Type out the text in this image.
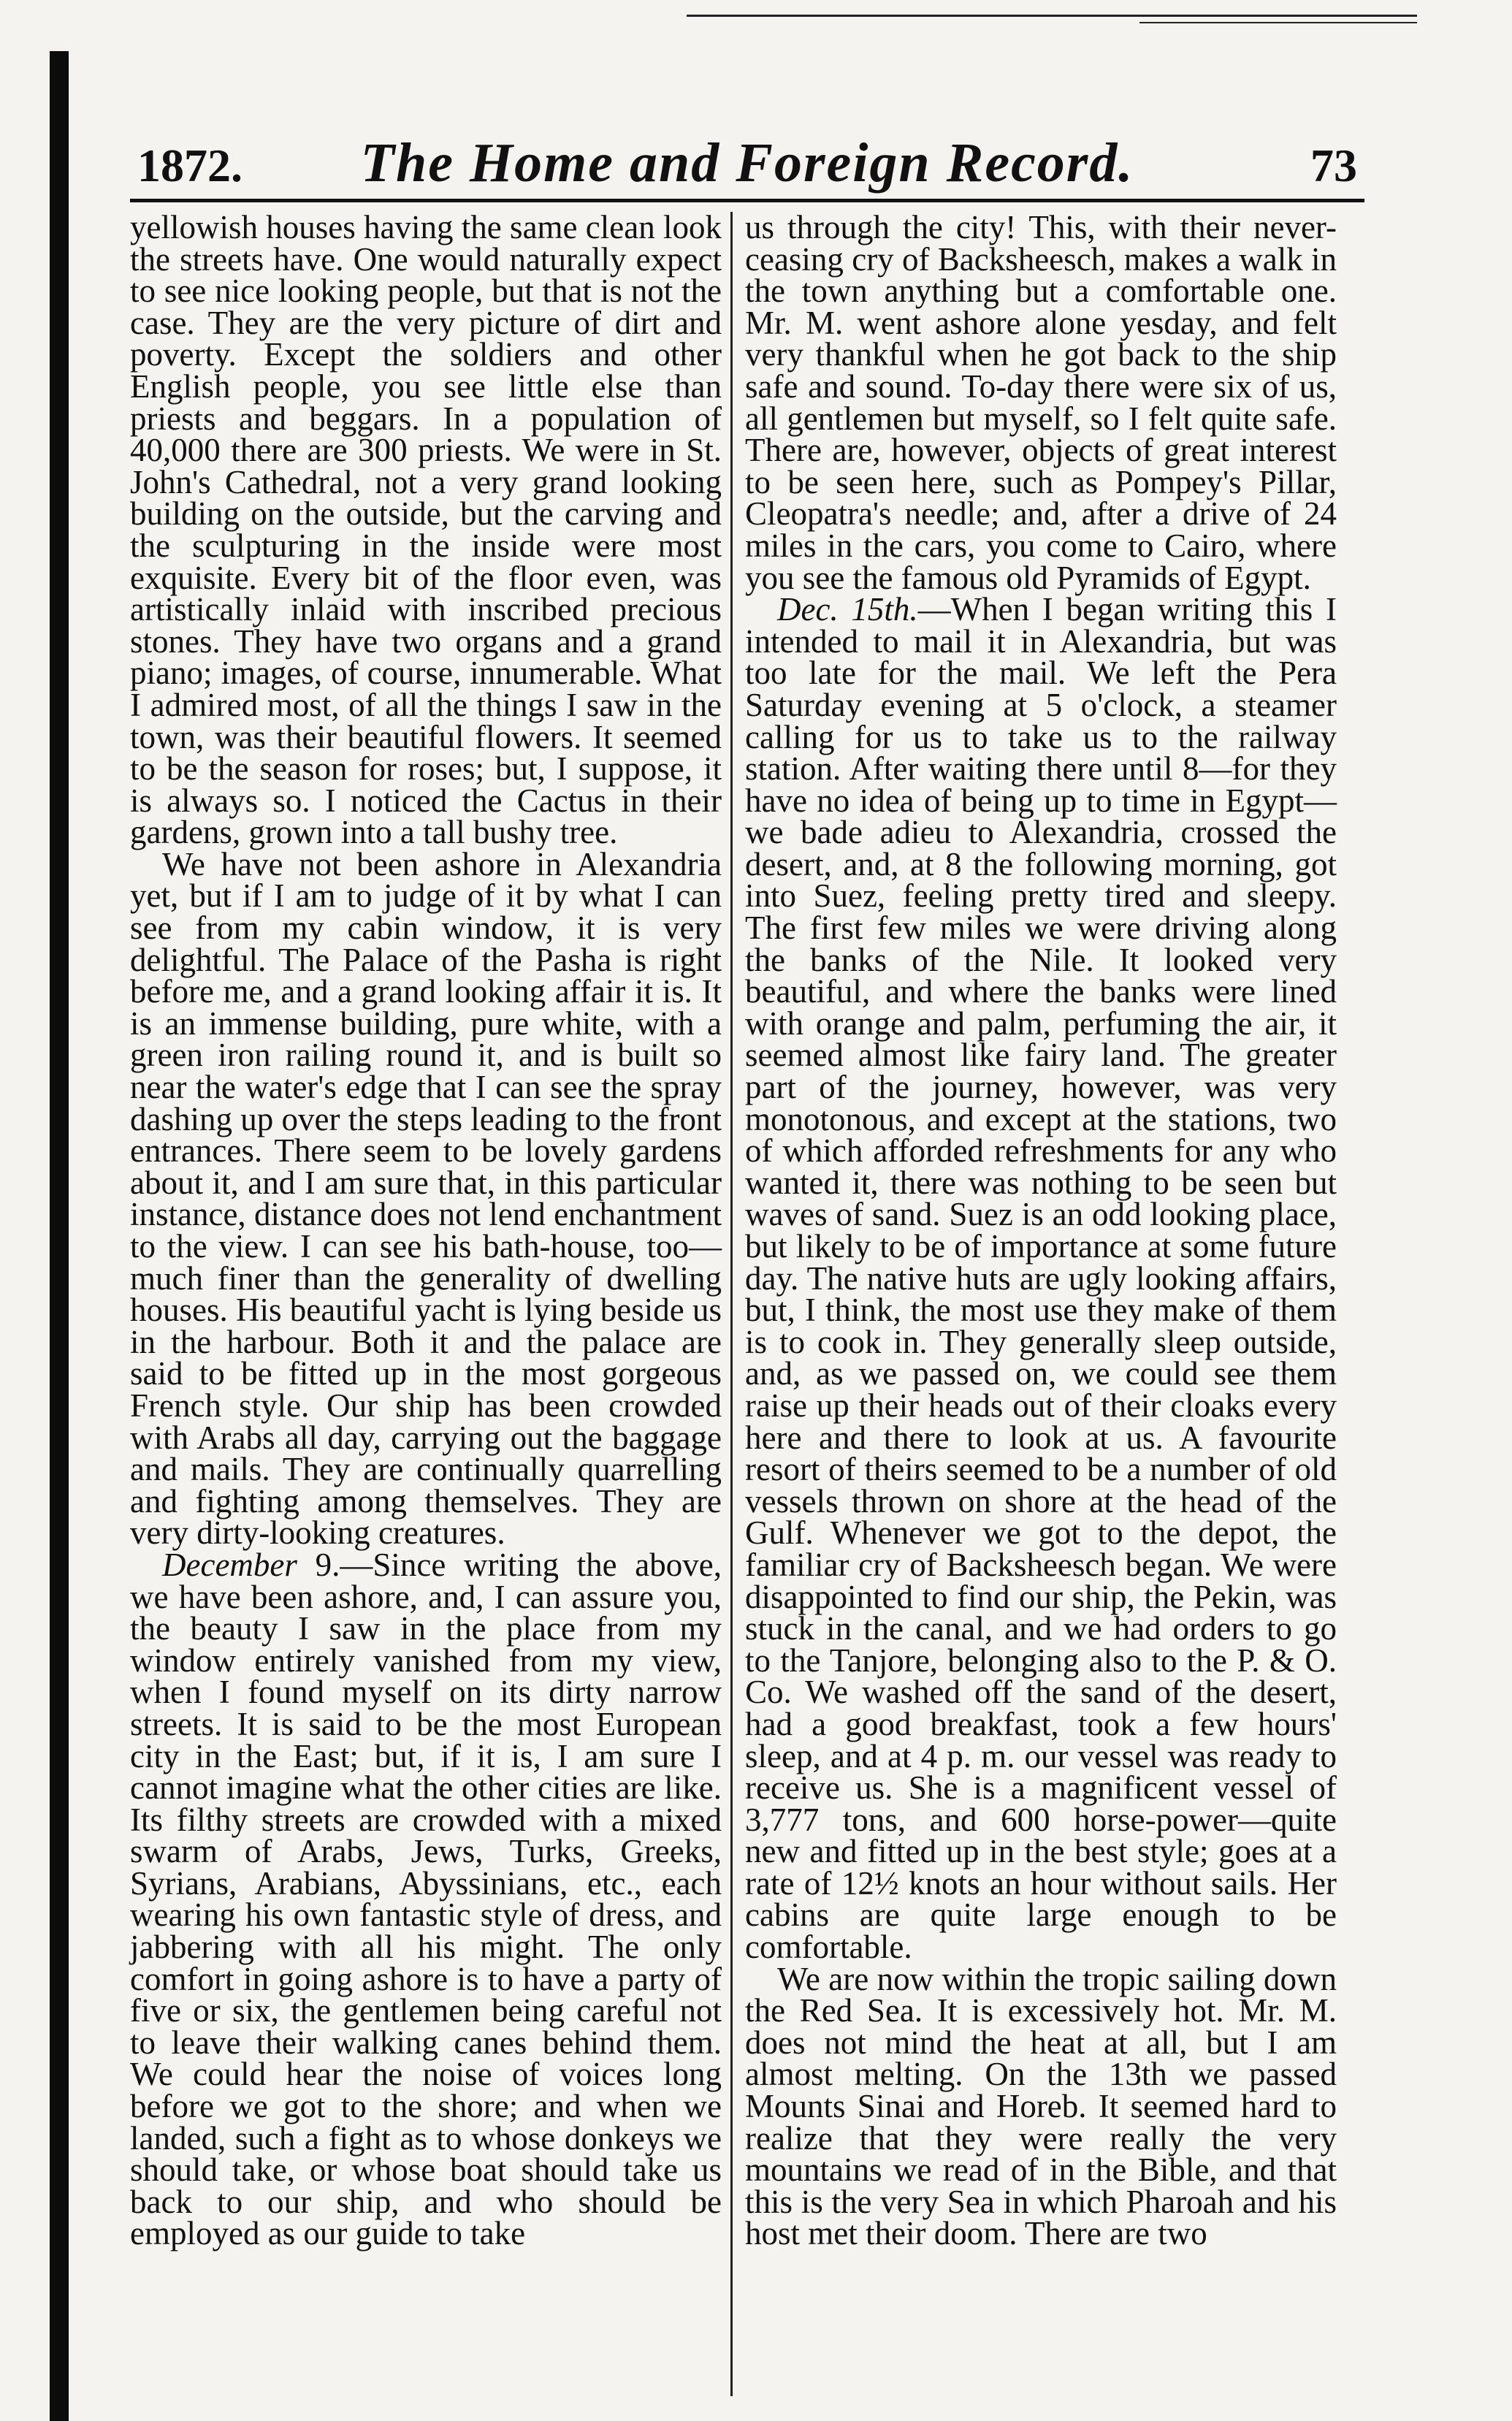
1872.	The Home and Foreign Record.	73

yellowish houses having the same clean look the streets have. One would naturally expect to see nice looking people, but that is not the case. They are the very picture of dirt and poverty. Except the soldiers and other English people, you see little else than priests and beggars. In a population of 40,000 there are 300 priests. We were in St. John's Cathedral, not a very grand looking building on the outside, but the carving and the sculpturing in the inside were most exquisite. Every bit of the floor even, was artistically inlaid with inscribed precious stones. They have two organs and a grand piano; images, of course, innumerable. What I admired most, of all the things I saw in the town, was their beautiful flowers. It seemed to be the season for roses; but, I suppose, it is always so. I noticed the Cactus in their gardens, grown into a tall bushy tree.

We have not been ashore in Alexandria yet, but if I am to judge of it by what I can see from my cabin window, it is very delightful. The Palace of the Pasha is right before me, and a grand looking affair it is. It is an immense building, pure white, with a green iron railing round it, and is built so near the water's edge that I can see the spray dashing up over the steps leading to the front entrances. There seem to be lovely gardens about it, and I am sure that, in this particular instance, distance does not lend enchantment to the view. I can see his bath-house, too—much finer than the generality of dwelling houses. His beautiful yacht is lying beside us in the harbour. Both it and the palace are said to be fitted up in the most gorgeous French style. Our ship has been crowded with Arabs all day, carrying out the baggage and mails. They are continually quarrelling and fighting among themselves. They are very dirty-looking creatures.

December 9.—Since writing the above, we have been ashore, and, I can assure you, the beauty I saw in the place from my window entirely vanished from my view, when I found myself on its dirty narrow streets. It is said to be the most European city in the East; but, if it is, I am sure I cannot imagine what the other cities are like. Its filthy streets are crowded with a mixed swarm of Arabs, Jews, Turks, Greeks, Syrians, Arabians, Abyssinians, etc., each wearing his own fantastic style of dress, and jabbering with all his might. The only comfort in going ashore is to have a party of five or six, the gentlemen being careful not to leave their walking canes behind them. We could hear the noise of voices long before we got to the shore; and when we landed, such a fight as to whose donkeys we should take, or whose boat should take us back to our ship, and who should be employed as our guide to take

us through the city! This, with their never-ceasing cry of Backsheesch, makes a walk in the town anything but a comfortable one. Mr. M. went ashore alone yesday, and felt very thankful when he got back to the ship safe and sound. To-day there were six of us, all gentlemen but myself, so I felt quite safe. There are, however, objects of great interest to be seen here, such as Pompey's Pillar, Cleopatra's needle; and, after a drive of 24 miles in the cars, you come to Cairo, where you see the famous old Pyramids of Egypt.

Dec. 15th.—When I began writing this I intended to mail it in Alexandria, but was too late for the mail. We left the Pera Saturday evening at 5 o'clock, a steamer calling for us to take us to the railway station. After waiting there until 8—for they have no idea of being up to time in Egypt—we bade adieu to Alexandria, crossed the desert, and, at 8 the following morning, got into Suez, feeling pretty tired and sleepy. The first few miles we were driving along the banks of the Nile. It looked very beautiful, and where the banks were lined with orange and palm, perfuming the air, it seemed almost like fairy land. The greater part of the journey, however, was very monotonous, and except at the stations, two of which afforded refreshments for any who wanted it, there was nothing to be seen but waves of sand. Suez is an odd looking place, but likely to be of importance at some future day. The native huts are ugly looking affairs, but, I think, the most use they make of them is to cook in. They generally sleep outside, and, as we passed on, we could see them raise up their heads out of their cloaks every here and there to look at us. A favourite resort of theirs seemed to be a number of old vessels thrown on shore at the head of the Gulf. Whenever we got to the depot, the familiar cry of Backsheesch began. We were disappointed to find our ship, the Pekin, was stuck in the canal, and we had orders to go to the Tanjore, belonging also to the P. & O. Co. We washed off the sand of the desert, had a good breakfast, took a few hours' sleep, and at 4 p. m. our vessel was ready to receive us. She is a magnificent vessel of 3,777 tons, and 600 horse-power—quite new and fitted up in the best style; goes at a rate of 12½ knots an hour without sails. Her cabins are quite large enough to be comfortable.

We are now within the tropic sailing down the Red Sea. It is excessively hot. Mr. M. does not mind the heat at all, but I am almost melting. On the 13th we passed Mounts Sinai and Horeb. It seemed hard to realize that they were really the very mountains we read of in the Bible, and that this is the very Sea in which Pharoah and his host met their doom. There are two
